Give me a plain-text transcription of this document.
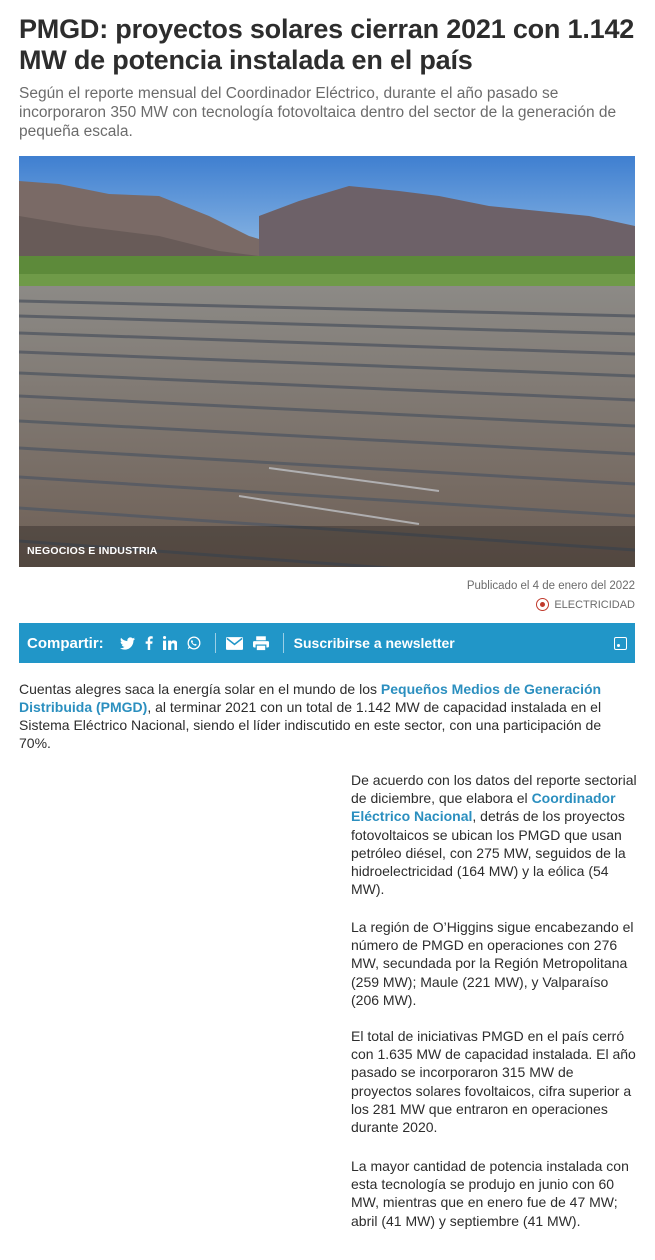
PMGD: proyectos solares cierran 2021 con 1.142 MW de potencia instalada en el país
Según el reporte mensual del Coordinador Eléctrico, durante el año pasado se incorporaron 350 MW con tecnología fotovoltaica dentro del sector de la generación de pequeña escala.
NEGOCIOS E INDUSTRIA
Publicado el 4 de enero del 2022
ELECTRICIDAD
Compartir:	Suscribirse a newsletter
Cuentas alegres saca la energía solar en el mundo de los Pequeños Medios de Generación Distribuida (PMGD), al terminar 2021 con un total de 1.142 MW de capacidad instalada en el Sistema Eléctrico Nacional, siendo el líder indiscutido en este sector, con una participación de 70%.
De acuerdo con los datos del reporte sectorial de diciembre, que elabora el Coordinador Eléctrico Nacional, detrás de los proyectos fotovoltaicos se ubican los PMGD que usan petróleo diésel, con 275 MW, seguidos de la hidroelectricidad (164 MW) y la eólica (54 MW).
La región de O’Higgins sigue encabezando el número de PMGD en operaciones con 276 MW, secundada por la Región Metropolitana (259 MW); Maule (221 MW), y Valparaíso (206 MW).
El total de iniciativas PMGD en el país cerró con 1.635 MW de capacidad instalada. El año pasado se incorporaron 315 MW de proyectos solares fovoltaicos, cifra superior a los 281 MW que entraron en operaciones durante 2020.
La mayor cantidad de potencia instalada con esta tecnología se produjo en junio con 60 MW, mientras que en enero fue de 47 MW; abril (41 MW) y septiembre (41 MW).
